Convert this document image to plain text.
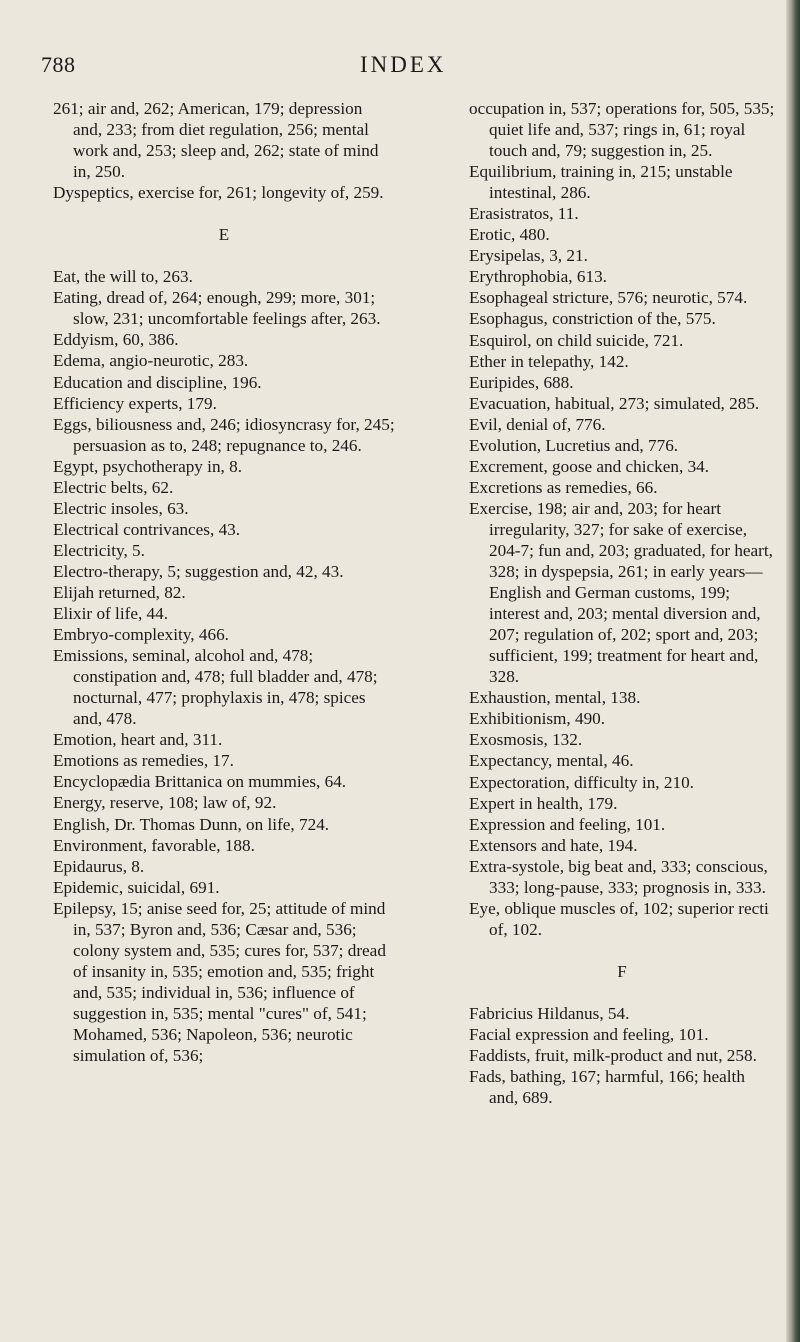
788	INDEX
261; air and, 262; American, 179; depression and, 233; from diet regulation, 256; mental work and, 253; sleep and, 262; state of mind in, 250.
Dyspeptics, exercise for, 261; longevity of, 259.
E
Eat, the will to, 263.
Eating, dread of, 264; enough, 299; more, 301; slow, 231; uncomfortable feelings after, 263.
Eddyism, 60, 386.
Edema, angio-neurotic, 283.
Education and discipline, 196.
Efficiency experts, 179.
Eggs, biliousness and, 246; idiosyncrasy for, 245; persuasion as to, 248; repugnance to, 246.
Egypt, psychotherapy in, 8.
Electric belts, 62.
Electric insoles, 63.
Electrical contrivances, 43.
Electricity, 5.
Electro-therapy, 5; suggestion and, 42, 43.
Elijah returned, 82.
Elixir of life, 44.
Embryo-complexity, 466.
Emissions, seminal, alcohol and, 478; constipation and, 478; full bladder and, 478; nocturnal, 477; prophylaxis in, 478; spices and, 478.
Emotion, heart and, 311.
Emotions as remedies, 17.
Encyclopædia Brittanica on mummies, 64.
Energy, reserve, 108; law of, 92.
English, Dr. Thomas Dunn, on life, 724.
Environment, favorable, 188.
Epidaurus, 8.
Epidemic, suicidal, 691.
Epilepsy, 15; anise seed for, 25; attitude of mind in, 537; Byron and, 536; Cæsar and, 536; colony system and, 535; cures for, 537; dread of insanity in, 535; emotion and, 535; fright and, 535; individual in, 536; influence of suggestion in, 535; mental "cures" of, 541; Mohamed, 536; Napoleon, 536; neurotic simulation of, 536;
occupation in, 537; operations for, 505, 535; quiet life and, 537; rings in, 61; royal touch and, 79; suggestion in, 25.
Equilibrium, training in, 215; unstable intestinal, 286.
Erasistratos, 11.
Erotic, 480.
Erysipelas, 3, 21.
Erythrophobia, 613.
Esophageal stricture, 576; neurotic, 574.
Esophagus, constriction of the, 575.
Esquirol, on child suicide, 721.
Ether in telepathy, 142.
Euripides, 688.
Evacuation, habitual, 273; simulated, 285.
Evil, denial of, 776.
Evolution, Lucretius and, 776.
Excrement, goose and chicken, 34.
Excretions as remedies, 66.
Exercise, 198; air and, 203; for heart irregularity, 327; for sake of exercise, 204-7; fun and, 203; graduated, for heart, 328; in dyspepsia, 261; in early years—English and German customs, 199; interest and, 203; mental diversion and, 207; regulation of, 202; sport and, 203; sufficient, 199; treatment for heart and, 328.
Exhaustion, mental, 138.
Exhibitionism, 490.
Exosmosis, 132.
Expectancy, mental, 46.
Expectoration, difficulty in, 210.
Expert in health, 179.
Expression and feeling, 101.
Extensors and hate, 194.
Extra-systole, big beat and, 333; conscious, 333; long-pause, 333; prognosis in, 333.
Eye, oblique muscles of, 102; superior recti of, 102.
F
Fabricius Hildanus, 54.
Facial expression and feeling, 101.
Faddists, fruit, milk-product and nut, 258.
Fads, bathing, 167; harmful, 166; health and, 689.
